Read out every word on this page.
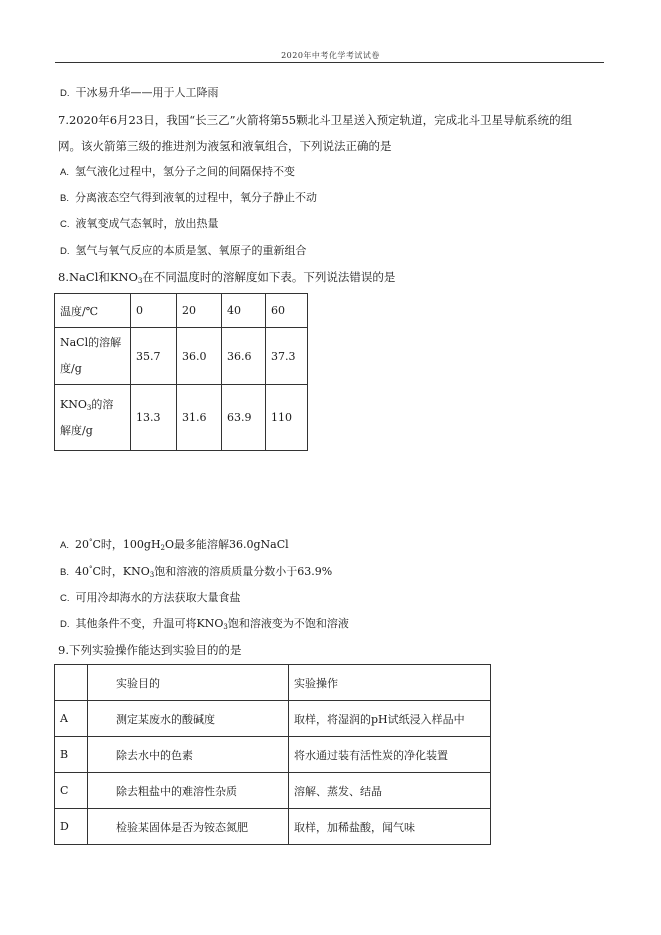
2020年中考化学考试试卷
D. 干冰易升华——用于人工降雨
7.2020年6月23日，我国“长三乙”火箭将第55颗北斗卫星送入预定轨道，完成北斗卫星导航系统的组
网。该火箭第三级的推进剂为液氢和液氧组合，下列说法正确的是
A. 氢气液化过程中，氢分子之间的间隔保持不变
B. 分离液态空气得到液氧的过程中，氧分子静止不动
C. 液氧变成气态氧时，放出热量
D. 氢气与氧气反应的本质是氢、氧原子的重新组合
8.NaCl和$KNO_3$在不同温度时的溶解度如下表。下列说法错误的是
温度/℃	0	20	40	60
NaCl的溶解
度/g	35.7	36.0	36.6	37.3
$KNO_3$的溶
解度/g	13.3	31.6	63.9	110
A. 20°C时，$100gH_2O$最多能溶解36.0gNaCl
B. 40°C时，$KNO_3$饱和溶液的溶质质量分数小于63.9%
C. 可用冷却海水的方法获取大量食盐
D. 其他条件不变，升温可将$KNO_3$饱和溶液变为不饱和溶液
9.下列实验操作能达到实验目的的是
	实验目的	实验操作
A	测定某废水的酸碱度	取样，将湿润的pH试纸浸入样品中
B	除去水中的色素	将水通过装有活性炭的净化装置
C	除去粗盐中的难溶性杂质	溶解、蒸发、结晶
D	检验某固体是否为铵态氮肥	取样，加稀盐酸，闻气味
